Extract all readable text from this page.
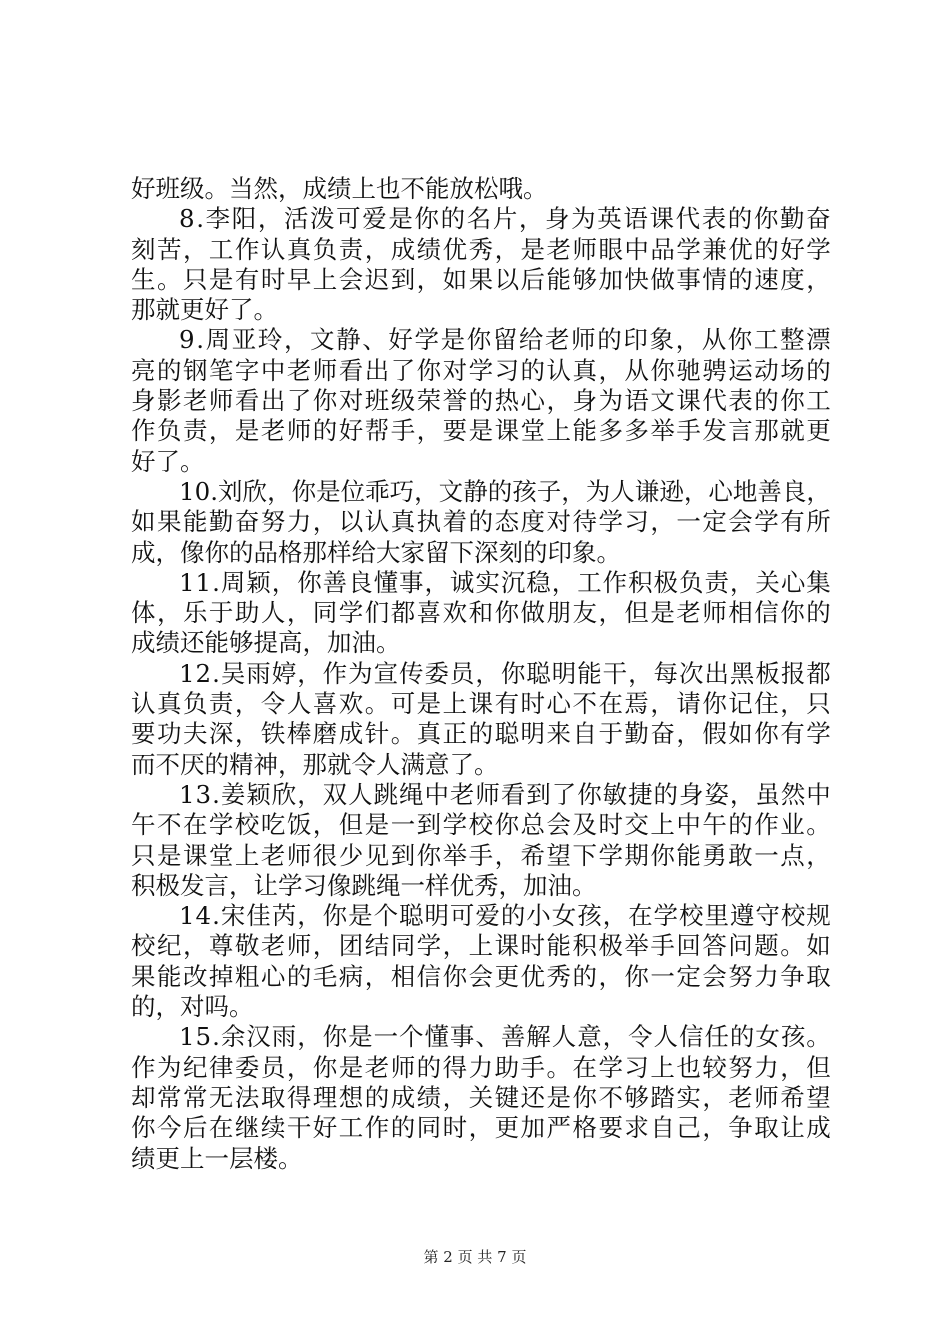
好班级。当然，成绩上也不能放松哦。
8 . 李 阳 ， 活 泼 可 爱 是 你 的 名 片 ， 身 为 英 语 课 代 表 的 你 勤 奋
刻 苦 ， 工 作 认 真 负 责 ， 成 绩 优 秀 ， 是 老 师 眼 中 品 学 兼 优 的 好 学
生 。 只 是 有 时 早 上 会 迟 到 ， 如 果 以 后 能 够 加 快 做 事 情 的 速 度 ，
那就更好了。
9 . 周 亚 玲 ， 文 静 、 好 学 是 你 留 给 老 师 的 印 象 ， 从 你 工 整 漂
亮 的 钢 笔 字 中 老 师 看 出 了 你 对 学 习 的 认 真 ， 从 你 驰 骋 运 动 场 的
身 影 老 师 看 出 了 你 对 班 级 荣 誉 的 热 心 ， 身 为 语 文 课 代 表 的 你 工
作 负 责 ， 是 老 师 的 好 帮 手 ， 要 是 课 堂 上 能 多 多 举 手 发 言 那 就 更
好了。
1 0 . 刘 欣 ， 你 是 位 乖 巧 ， 文 静 的 孩 子 ， 为 人 谦 逊 ， 心 地 善 良 ，
如 果 能 勤 奋 努 力 ， 以 认 真 执 着 的 态 度 对 待 学 习 ， 一 定 会 学 有 所
成，像你的品格那样给大家留下深刻的印象。
1 1 . 周 颖 ， 你 善 良 懂 事 ， 诚 实 沉 稳 ， 工 作 积 极 负 责 ， 关 心 集
体 ， 乐 于 助 人 ， 同 学 们 都 喜 欢 和 你 做 朋 友 ， 但 是 老 师 相 信 你 的
成绩还能够提高，加油。
1 2 . 吴 雨 婷 ， 作 为 宣 传 委 员 ， 你 聪 明 能 干 ， 每 次 出 黑 板 报 都
认 真 负 责 ， 令 人 喜 欢 。 可 是 上 课 有 时 心 不 在 焉 ， 请 你 记 住 ， 只
要 功 夫 深 ， 铁 棒 磨 成 针 。 真 正 的 聪 明 来 自 于 勤 奋 ， 假 如 你 有 学
而不厌的精神，那就令人满意了。
1 3 . 姜 颖 欣 ， 双 人 跳 绳 中 老 师 看 到 了 你 敏 捷 的 身 姿 ， 虽 然 中
午 不 在 学 校 吃 饭 ， 但 是 一 到 学 校 你 总 会 及 时 交 上 中 午 的 作 业 。
只 是 课 堂 上 老 师 很 少 见 到 你 举 手 ， 希 望 下 学 期 你 能 勇 敢 一 点 ，
积极发言，让学习像跳绳一样优秀，加油。
1 4 . 宋 佳 芮 ， 你 是 个 聪 明 可 爱 的 小 女 孩 ， 在 学 校 里 遵 守 校 规
校 纪 ， 尊 敬 老 师 ， 团 结 同 学 ， 上 课 时 能 积 极 举 手 回 答 问 题 。 如
果 能 改 掉 粗 心 的 毛 病 ， 相 信 你 会 更 优 秀 的 ， 你 一 定 会 努 力 争 取
的，对吗。
1 5 . 余 汉 雨 ， 你 是 一 个 懂 事 、 善 解 人 意 ， 令 人 信 任 的 女 孩 。
作 为 纪 律 委 员 ， 你 是 老 师 的 得 力 助 手 。 在 学 习 上 也 较 努 力 ， 但
却 常 常 无 法 取 得 理 想 的 成 绩 ， 关 键 还 是 你 不 够 踏 实 ， 老 师 希 望
你 今 后 在 继 续 干 好 工 作 的 同 时 ， 更 加 严 格 要 求 自 己 ， 争 取 让 成
绩更上一层楼。
第 2 页 共 7 页
